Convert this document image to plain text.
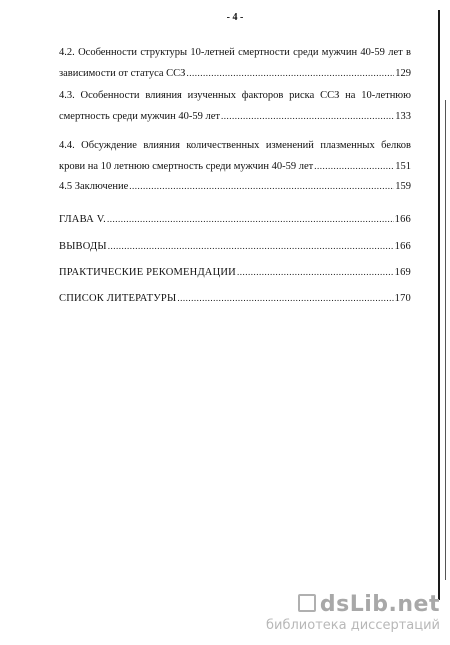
- 4 -
4.2. Особенности структуры 10-летней смертности среди мужчин 40-59 лет в
зависимости от статуса ССЗ .....	129
4.3. Особенности влияния изученных факторов риска ССЗ на 10-летнюю
смертность среди мужчин 40-59 лет .....	133
4.4. Обсуждение влияния количественных изменений плазменных белков
крови на 10 летнюю смертность среди мужчин 40-59 лет .....	151
4.5 Заключение .....	159
ГЛАВА V. .....	166
ВЫВОДЫ .....	166
ПРАКТИЧЕСКИЕ РЕКОМЕНДАЦИИ .....	169
СПИСОК ЛИТЕРАТУРЫ .....	170
dsLib.net
библиотека диссертаций
